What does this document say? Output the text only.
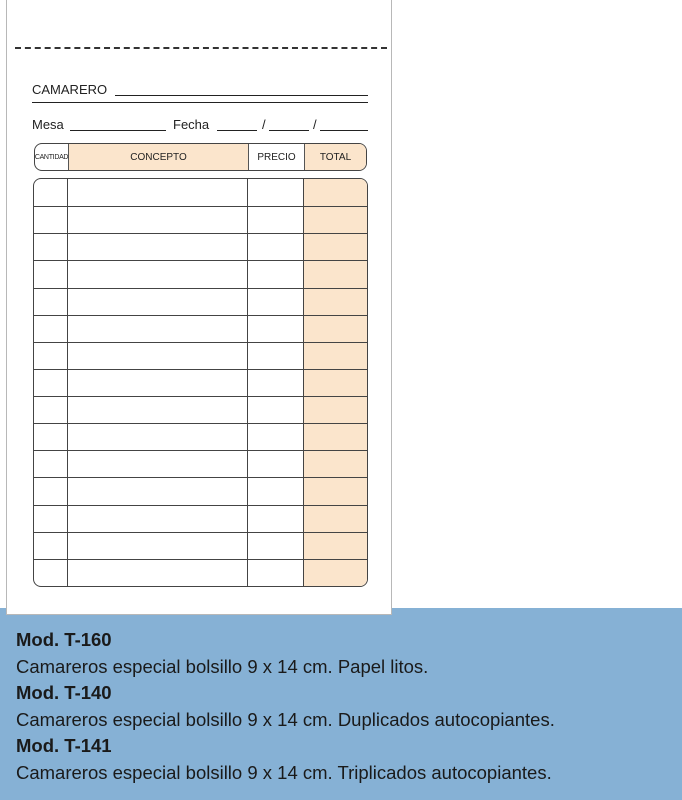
CAMARERO
Mesa	Fecha	/	/
CANTIDAD	CONCEPTO	PRECIO	TOTAL
Mod. T-160
Camareros especial bolsillo 9 x 14 cm. Papel litos.
Mod. T-140
Camareros especial bolsillo 9 x 14 cm. Duplicados autocopiantes.
Mod. T-141
Camareros especial bolsillo 9 x 14 cm. Triplicados autocopiantes.
